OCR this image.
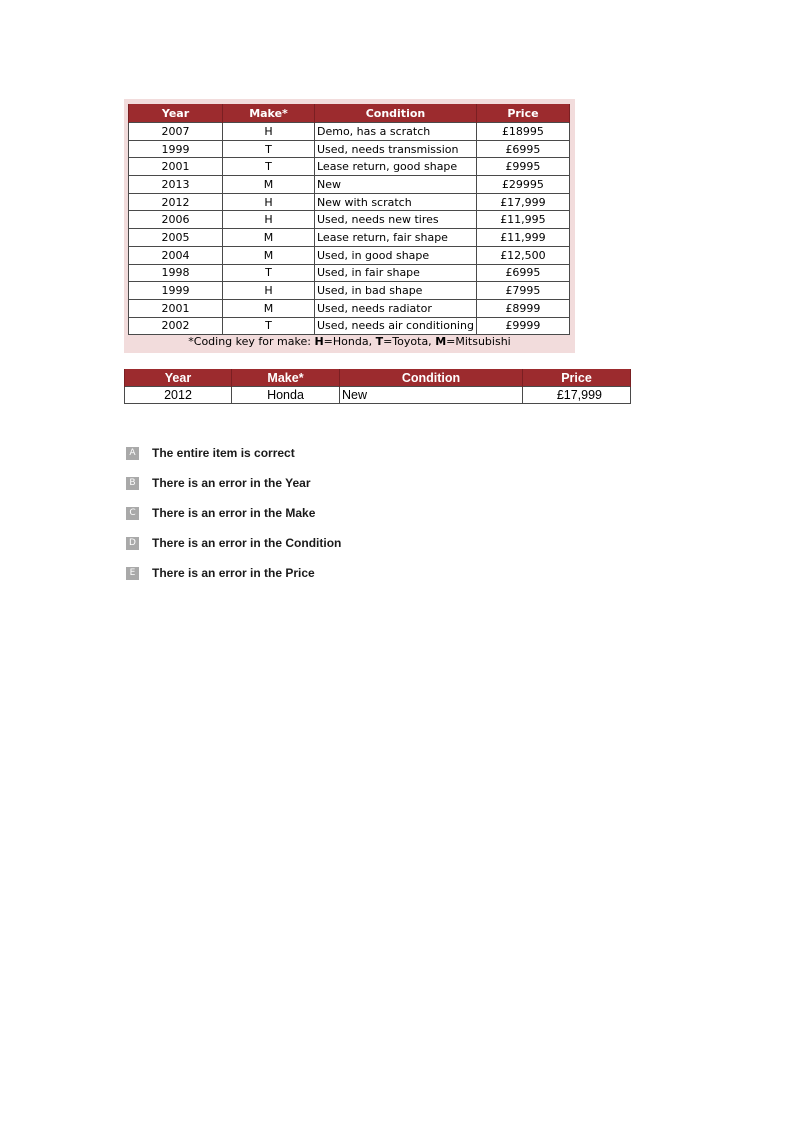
Year	Make*	Condition	Price
2007	H	Demo, has a scratch	£18995
1999	T	Used, needs transmission	£6995
2001	T	Lease return, good shape	£9995
2013	M	New	£29995
2012	H	New with scratch	£17,999
2006	H	Used, needs new tires	£11,995
2005	M	Lease return, fair shape	£11,999
2004	M	Used, in good shape	£12,500
1998	T	Used, in fair shape	£6995
1999	H	Used, in bad shape	£7995
2001	M	Used, needs radiator	£8999
2002	T	Used, needs air conditioning	£9999
*Coding key for make: H=Honda, T=Toyota, M=Mitsubishi
Year	Make*	Condition	Price
2012	Honda	New	£17,999
A The entire item is correct
B There is an error in the Year
C There is an error in the Make
D There is an error in the Condition
E	There is an error in the Price
